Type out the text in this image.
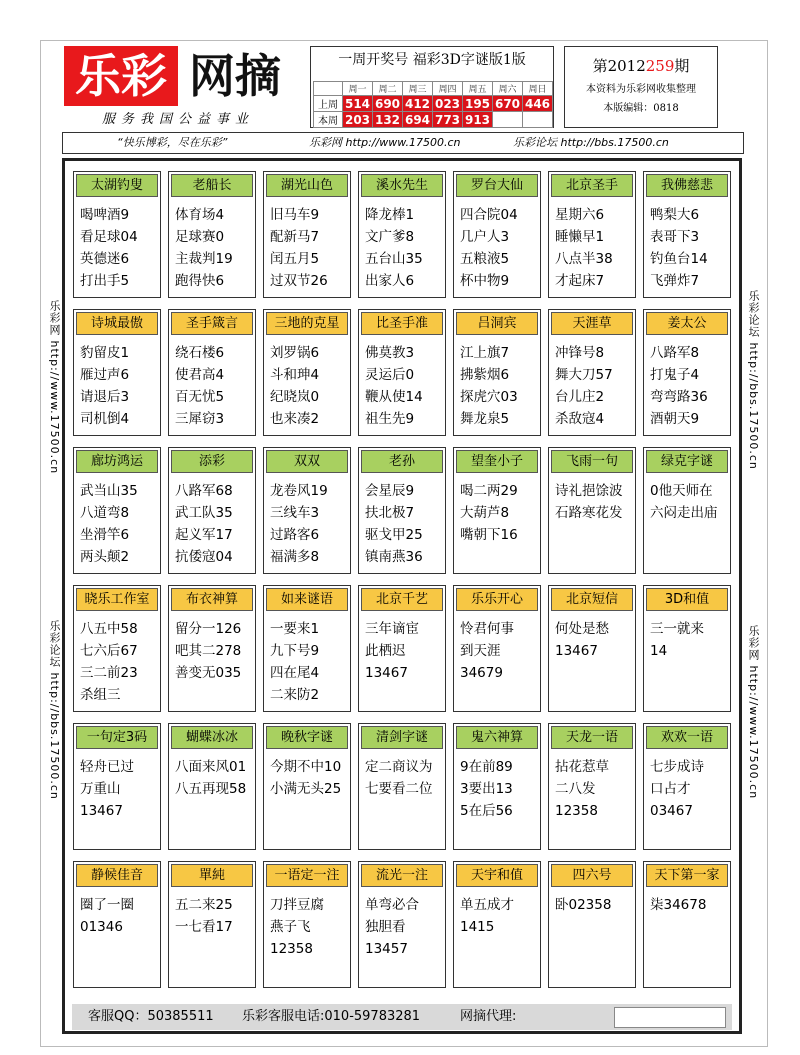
乐彩 网摘
服务我国公益事业
一周开奖号 福彩3D字谜版1版
	周一	周二	周三	周四	周五	周六	周日
上周	514	690	412	023	195	670	446
本周	203	132	694	773	913		
第2012259期
本资料为乐彩网收集整理
本版编辑：0818
“快乐博彩，尽在乐彩”	乐彩网 http://www.17500.cn	乐彩论坛 http://bbs.17500.cn
乐彩网 http://www.17500.cn
乐彩论坛 http://bbs.17500.cn
乐彩论坛 http://bbs.17500.cn
乐彩网 http://www.17500.cn
太湖钓叟
喝啤酒9
看足球04
英德迷6
打出手5
老船长
体育场4
足球赛0
主裁判19
跑得快6
湖光山色
旧马车9
配新马7
闰五月5
过双节26
溪水先生
降龙棒1
文广爹8
五台山35
出家人6
罗台大仙
四合院04
几户人3
五粮液5
杯中物9
北京圣手
星期六6
睡懒早1
八点半38
才起床7
我佛慈悲
鸭梨大6
表哥下3
钓鱼台14
飞弹炸7
诗城最傲
豹留皮1
雁过声6
请退后3
司机倒4
圣手箴言
绕石楼6
使君高4
百无忧5
三犀窃3
三地的克星
刘罗锅6
斗和珅4
纪晓岚0
也来凑2
比圣手准
佛莫教3
灵运后0
鞭从使14
祖生先9
吕洞宾
江上旗7
拂紫烟6
探虎穴03
舞龙泉5
天涯草
冲锋号8
舞大刀57
台儿庄2
杀敌寇4
姜太公
八路军8
打鬼子4
弯弯路36
酒朝天9
廊坊鸿运
武当山35
八道弯8
坐滑竿6
两头颠2
添彩
八路军68
武工队35
起义军17
抗倭寇04
双双
龙卷风19
三线车3
过路客6
福满多8
老孙
会星辰9
扶北极7
驱戈甲25
镇南燕36
望奎小子
喝二两29
大葫芦8
嘴朝下16
飞雨一句
诗礼挹馀波
石路寒花发
绿克字谜
0他天师在
六闷走出庙
晓乐工作室
八五中58
七六后67
三二前23
杀组三
布衣神算
留分一126
吧其二278
善变无035
如来谜语
一要来1
九下号9
四在尾4
二来防2
北京千艺
三年谪宦
此栖迟
13467
乐乐开心
怜君何事
到天涯
34679
北京短信
何处是愁
13467
3D和值
三一就来
14
一句定3码
轻舟已过
万重山
13467
蝴蝶冰冰
八面来风01
八五再现58
晚秋字谜
今期不中10
小满无头25
清剑字谜
定二商议为
七要看二位
鬼六神算
9在前89
3要出13
5在后56
天龙一语
拈花惹草
二八发
12358
欢欢一语
七步成诗
口占才
03467
静候佳音
圈了一圈
01346
單純
五二来25
一七看17
一语定一注
刀拌豆腐
燕子飞
12358
流光一注
单弯必合
独胆看
13457
天宇和值
单五成才
1415
四六号
卧02358
天下第一家
柒34678
客服QQ：50385511 乐彩客服电话:010-59783281	网摘代理:
